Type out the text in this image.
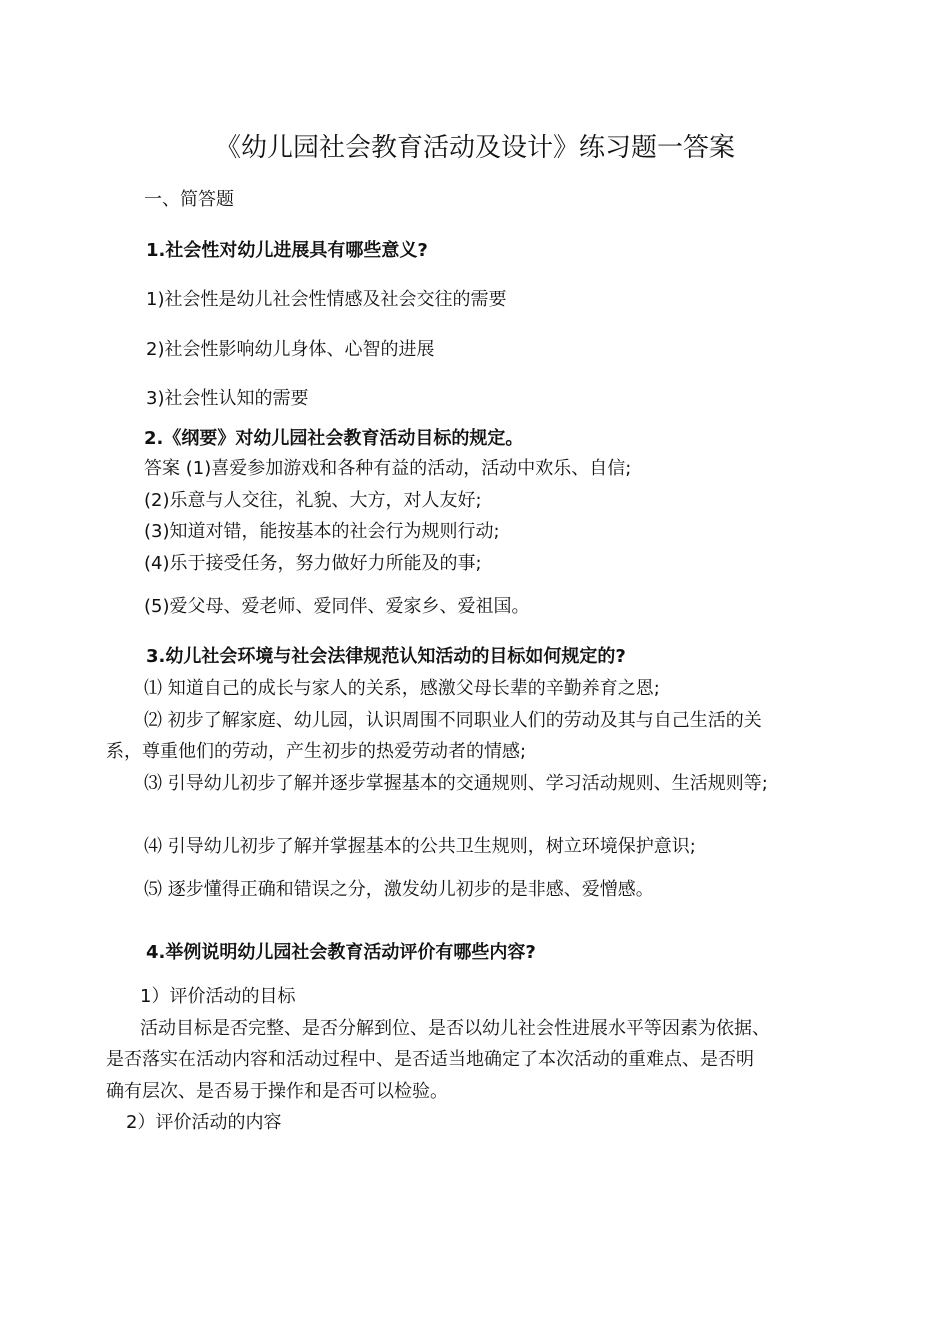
《幼儿园社会教育活动及设计》练习题一答案
一、简答题
1.社会性对幼儿进展具有哪些意义?
1)社会性是幼儿社会性情感及社会交往的需要
2)社会性影响幼儿身体、心智的进展
3)社会性认知的需要
2.《纲要》对幼儿园社会教育活动目标的规定。
答案 (1)喜爱参加游戏和各种有益的活动，活动中欢乐、自信;
(2)乐意与人交往，礼貌、大方，对人友好;
(3)知道对错，能按基本的社会行为规则行动;
(4)乐于接受任务，努力做好力所能及的事;
(5)爱父母、爱老师、爱同伴、爱家乡、爱祖国。
3.幼儿社会环境与社会法律规范认知活动的目标如何规定的?
⑴ 知道自己的成长与家人的关系，感激父母长辈的辛勤养育之恩;
⑵ 初步了解家庭、幼儿园，认识周围不同职业人们的劳动及其与自己生活的关
系，尊重他们的劳动，产生初步的热爱劳动者的情感;
⑶ 引导幼儿初步了解并逐步掌握基本的交通规则、学习活动规则、生活规则等;
⑷ 引导幼儿初步了解并掌握基本的公共卫生规则，树立环境保护意识;
⑸ 逐步懂得正确和错误之分，激发幼儿初步的是非感、爱憎感。
4.举例说明幼儿园社会教育活动评价有哪些内容?
1）评价活动的目标
活动目标是否完整、是否分解到位、是否以幼儿社会性进展水平等因素为依据、
是否落实在活动内容和活动过程中、是否适当地确定了本次活动的重难点、是否明
确有层次、是否易于操作和是否可以检验。
2）评价活动的内容
